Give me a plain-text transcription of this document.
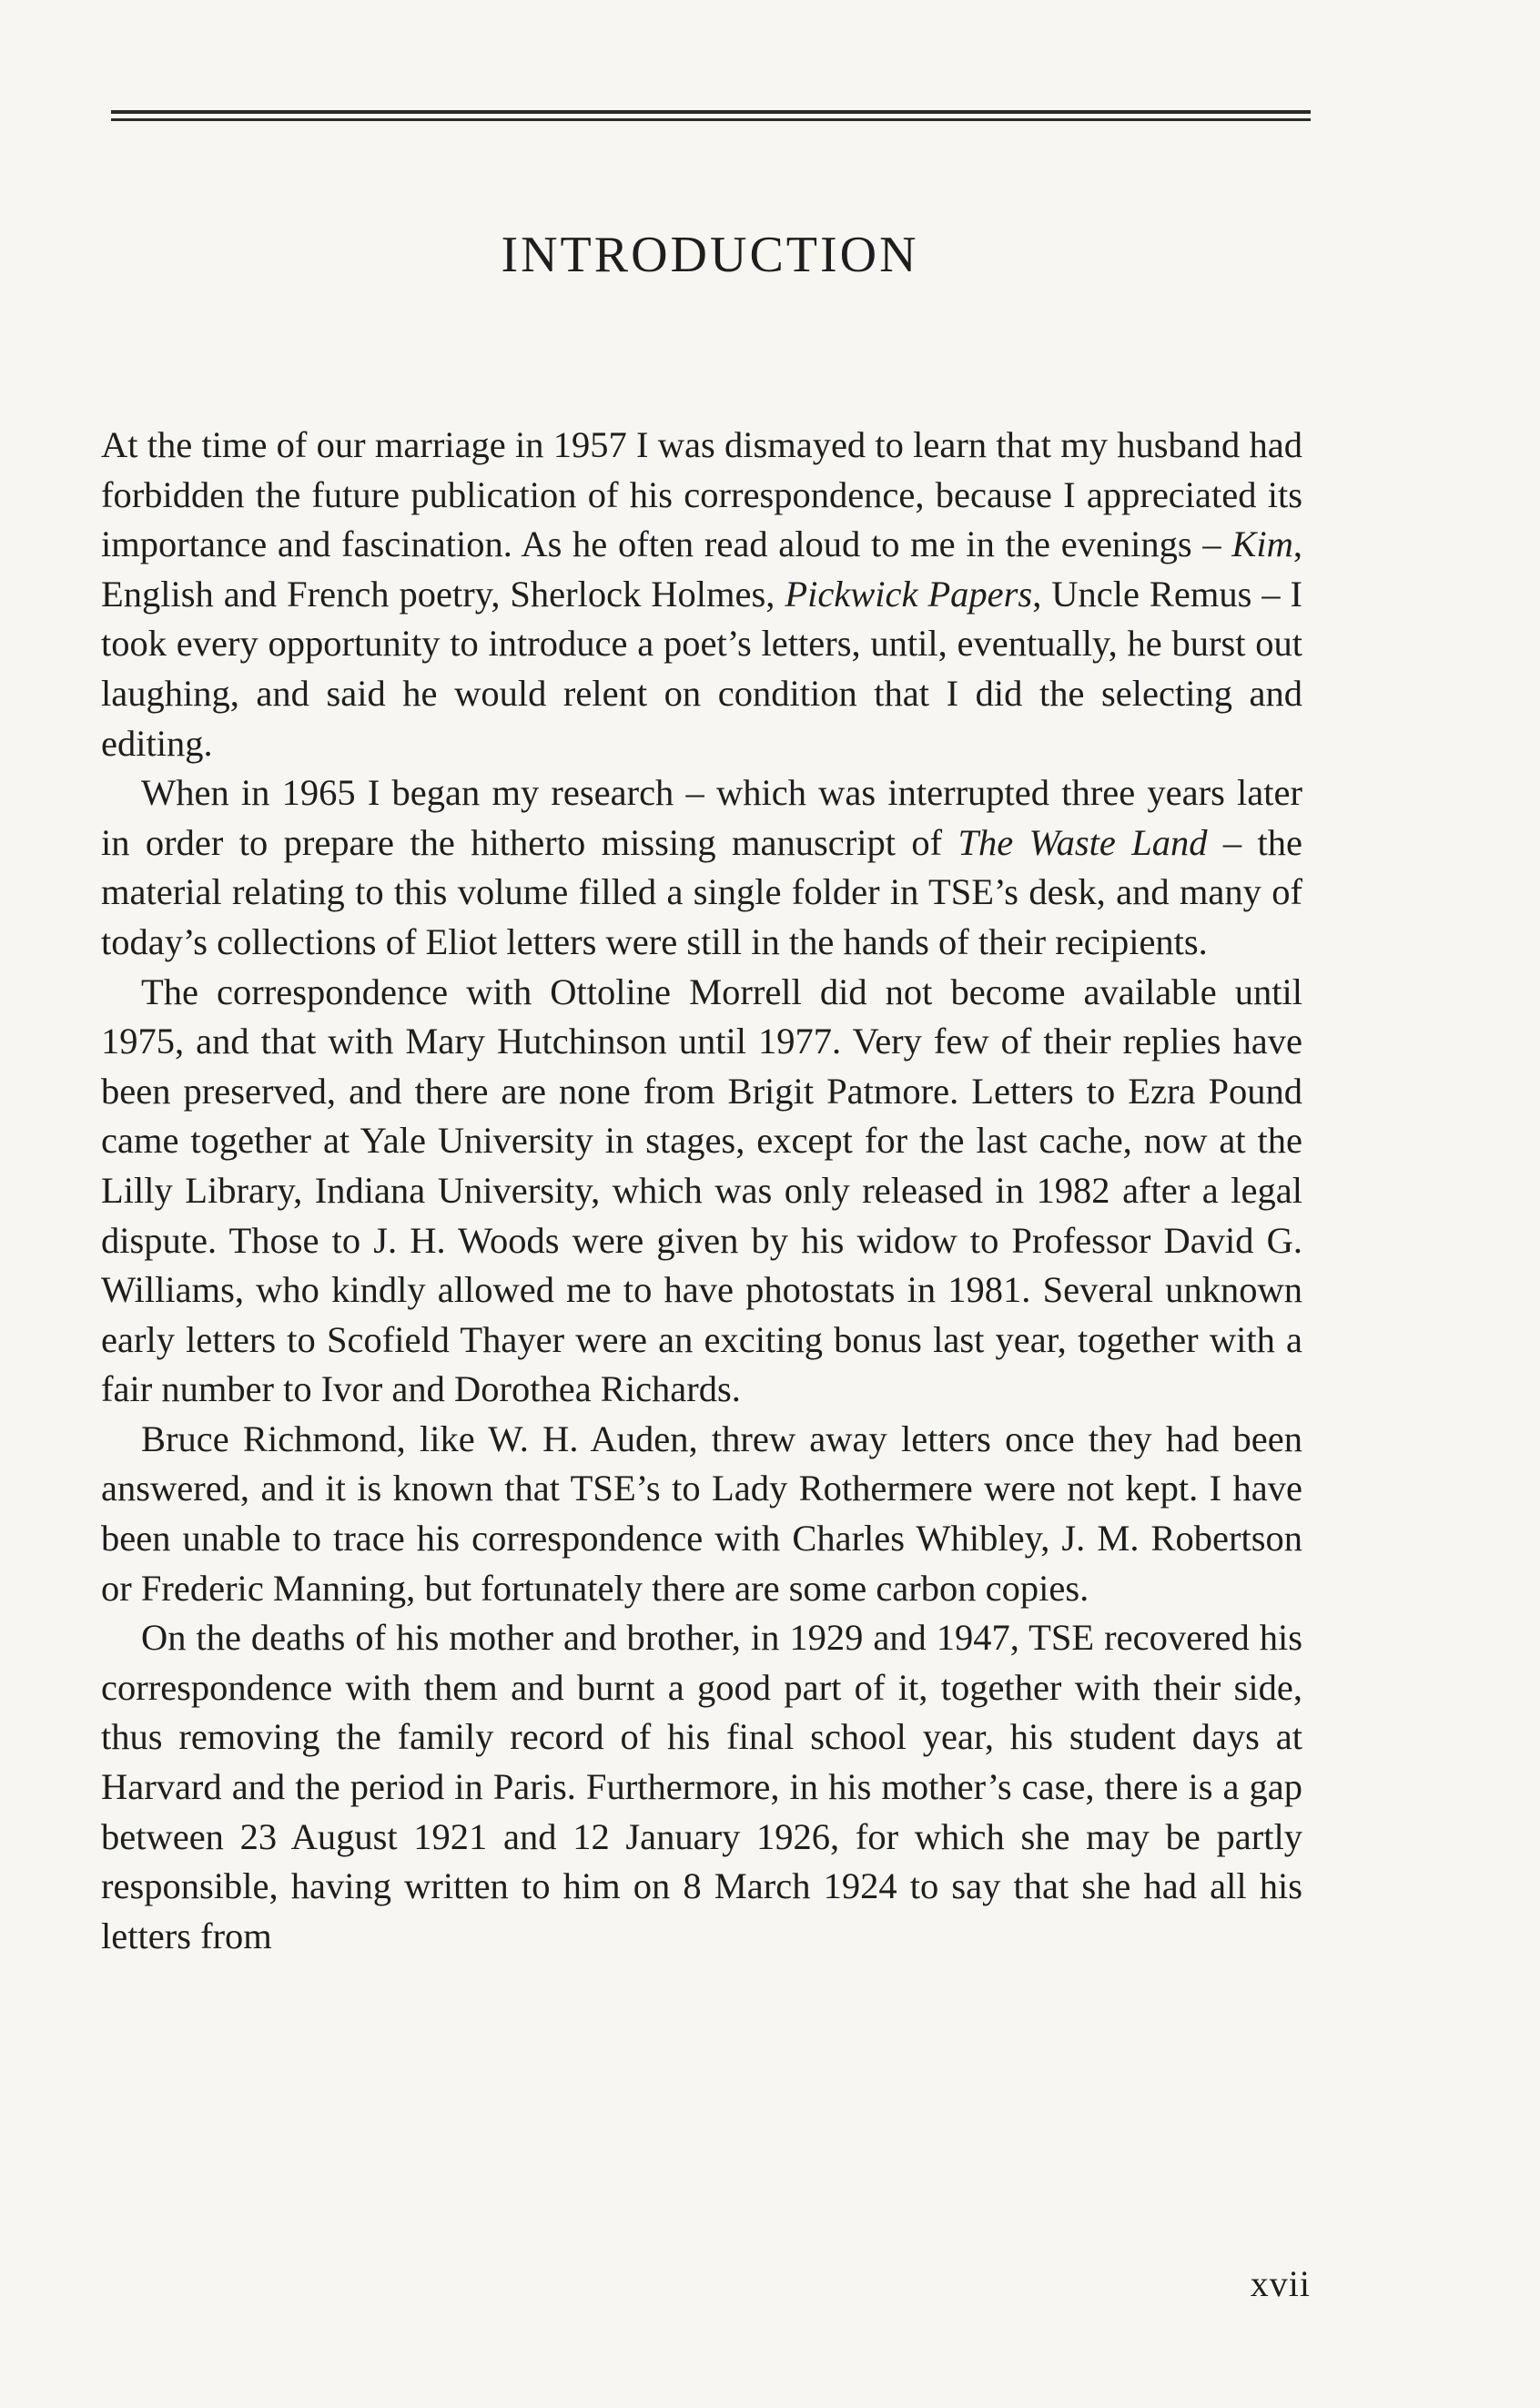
INTRODUCTION

At the time of our marriage in 1957 I was dismayed to learn that my husband had forbidden the future publication of his correspondence, because I appreciated its importance and fascination. As he often read aloud to me in the evenings – Kim, English and French poetry, Sherlock Holmes, Pickwick Papers, Uncle Remus – I took every opportunity to introduce a poet’s letters, until, eventually, he burst out laughing, and said he would relent on condition that I did the selecting and editing.

When in 1965 I began my research – which was interrupted three years later in order to prepare the hitherto missing manuscript of The Waste Land – the material relating to this volume filled a single folder in TSE’s desk, and many of today’s collections of Eliot letters were still in the hands of their recipients.

The correspondence with Ottoline Morrell did not become available until 1975, and that with Mary Hutchinson until 1977. Very few of their replies have been preserved, and there are none from Brigit Patmore. Letters to Ezra Pound came together at Yale University in stages, except for the last cache, now at the Lilly Library, Indiana University, which was only released in 1982 after a legal dispute. Those to J. H. Woods were given by his widow to Professor David G. Williams, who kindly allowed me to have photostats in 1981. Several unknown early letters to Scofield Thayer were an exciting bonus last year, together with a fair number to Ivor and Dorothea Richards.

Bruce Richmond, like W. H. Auden, threw away letters once they had been answered, and it is known that TSE’s to Lady Rothermere were not kept. I have been unable to trace his correspondence with Charles Whibley, J. M. Robertson or Frederic Manning, but fortunately there are some carbon copies.

On the deaths of his mother and brother, in 1929 and 1947, TSE recovered his correspondence with them and burnt a good part of it, together with their side, thus removing the family record of his final school year, his student days at Harvard and the period in Paris. Furthermore, in his mother’s case, there is a gap between 23 August 1921 and 12 January 1926, for which she may be partly responsible, having written to him on 8 March 1924 to say that she had all his letters from

xvii
